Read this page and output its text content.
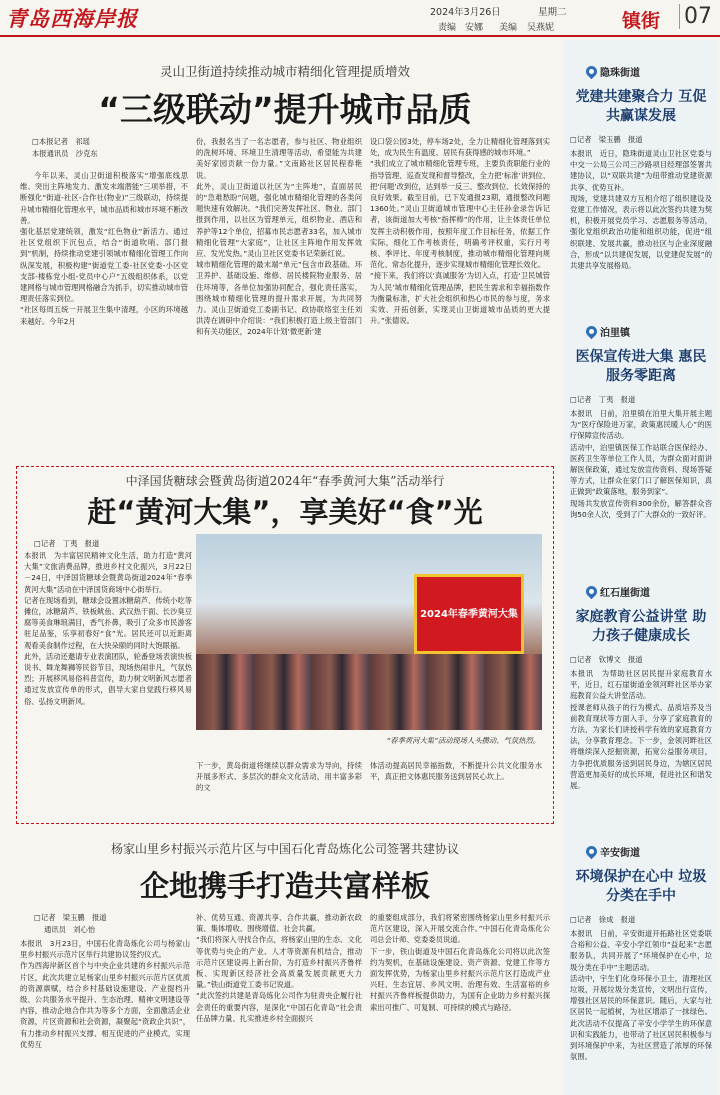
青岛西海岸报	2024年3月26日	星期二
责编 安娜 美编 吴燕妮	镇街 07
灵山卫街道持续推动城市精细化管理提质增效
“三级联动”提升城市品质
□本报记者　祁瑶
本报通讯员　沙克东
今年以来，灵山卫街道积极落实“增强底线思维、突出主阵地发力、激发末端潜能”三项举措，不断强化“街道-社区-合作社(物业)”三级联动，持续提升城市精细化管理水平，城市品质和城市环境不断改善。
强化基层党建统领，激发“红色物业”新活力。通过社区党组织下沉包点，结合“街道吹哨、部门报到”机制，持续推动党建引领城市精细化管理工作向纵深发展，积极构建“街道党工委-社区党委-小区党支部-楼栋党小组-党员中心户”五级组织体系，以党建网格与城市管理网格融合为抓手，切实推动城市管理责任落实到位。
“社区每周五统一开展卫生集中清理，小区的环境越来越好。今年2月
份，我报名当了一名志愿者，参与社区、物业组织的洗树环境、环境卫生清理等活动，希望能为共建美好家园贡献一份力量。”文南路社区居民程春艳说。
此外，灵山卫街道以社区为“主阵地”，直面居民的“急难愁盼”问题，强化城市精细化管理的各类问题快速有效解决。“我们完善发挥社区、物业、部门报到作用，以社区为管理单元，组织物业、酒店和养护等12个单位，招募市民志愿者33名，加入城市精细化管理“大家庭”，让社区主阵地作用发挥效应、发光发热。”灵山卫社区党委书记荣新红说。
城市精细化管理的最末端“单元”包含市政基础、环卫养护、基础设施、维修、居民楼院物业服务、居住环境等，各单位加强协同配合，强化责任落实，围绕城市精细化管理的提升需求开展，为共同努力。灵山卫街道党工委副书记、政协联络室主任刘洪涛在调研中介绍说：“我们积极打造上级主管部门和有关功能区，2024年计划‘微更新’建
设口袋公园3处，停车场2处，全力让精细化管理落到实处，成为民生有温度、居民有获得感的城市环境。”
“我们成立了城市精细化管理专班，主要负责职能行业的指导管理、巡查发现和督导整改，全力把‘标准’讲到位、把‘问题’改到位，达到举一反三、整改到位、长效保持的良好效果。截至目前，已下发通报23期，通报整改问题1360处。”灵山卫街道城市管理中心主任孙金录告诉记者，该街道加大考核“指挥棒”的作用，让主体责任单位发挥主动积极作用，按照年度工作目标任务，依据工作实际，细化工作考核责任，明确考评权重，实行月考核、季评比、年度考核制度，推动城市精细化管理向规范化、常态化提升，逐步实现城市精细化管理长效化。
“接下来，我们将以‘真诚服务’为切入点，打造‘卫民城管为人民’城市精细化管理品牌，把民生需求和幸福指数作为衡量标准，扩大社会组织和热心市民的参与度，务求实效、开拓创新，实现灵山卫街道城市品质的更大提升。”张德说。
中泽国货糖球会暨黄岛街道2024年“春季黄河大集”活动举行
赶“黄河大集”，享美好“食”光
□记者　丁夷　报道
本报讯　为丰富居民精神文化生活，助力打造“黄河大集”文旅消费品牌，推进乡村文化振兴，3月22日－24日，中泽国货糖球会暨黄岛街道2024年“春季黄河大集”活动在中泽国货商场中心街举行。
记者在现场看到，糖球会设置冰糖葫芦、传统小吃等摊位，冰糖葫芦、铁板鱿鱼、武汉热干面、长沙臭豆腐等美食琳琅满目，香气扑鼻，吸引了众多市民游客驻足品鉴，乐享初春好“食”光。居民还可以近距离观看美食制作过程，在大快朵颐的同时大饱眼福。
此外，活动还邀请专业表演团队，轮番登场表演快板说书、舞龙舞狮等民俗节目，现场热闹非凡，气氛热烈；开展移风易俗科普宣传，助力树文明新风志愿者通过发放宣传单的形式，倡导大家自觉践行移风易俗、弘扬文明新风。
2024年春季黄河大集
“春季黄河大集”活动现场人头攒动、气氛热烈。
下一步，黄岛街道将继续以群众需求为导向，持续开展多形式、多层次的群众文化活动，用丰富多彩的文
体活动提高居民幸福指数，不断提升公共文化服务水平，真正把文体惠民服务送到居民心坎上。
杨家山里乡村振兴示范片区与中国石化青岛炼化公司签署共建协议
企地携手打造共富样板
□记者　梁玉鹏　报道
通讯员　刘心怡
本报讯　3月23日，中国石化青岛炼化公司与杨家山里乡村振兴示范片区举行共建协议签约仪式。
作为西海岸新区首个与中央企业共建的乡村振兴示范片区，此次共建立足杨家山里乡村振兴示范片区优质的资源禀赋，结合乡村基础设施建设、产业提档升级、公共服务水平提升、生态治理、精神文明建设等内容，推动企地合作共为等多个方面，全面激活企业资源，片区资源和社会资源，凝聚起“资政企共识”，有力推动乡村振兴支撑、相互促进的产业模式，实现优势互
补、优势互通、资源共享、合作共赢，推动新农政策、集体增收、围绕增值、社会共赢。
“我们将深入寻找合作点，将杨家山里的生态、文化等优势与央企的产业、人才等资源有机结合，推动示范片区建设再上新台阶，为打造乡村振兴齐鲁样板、实现新区经济社会高质量发展贡献更大力量。”铁山街道党工委书记说道。
“此次签约共建是青岛炼化公司作为驻青央企履行社会责任的重要内容，是深化“中国石化青岛”社会责任品牌力量、扎实推进乡村全面振兴
的重要组成部分，我们将紧密围绕杨家山里乡村振兴示范片区建设，深入开展交流合作。”中国石化青岛炼化公司总会计师、党委委员说道。
下一步，铁山街道及中国石化青岛炼化公司将以此次签约为契机，在基础设施建设、资产资源、党建工作等方面发挥优势，为杨家山里乡村振兴示范片区打造成产业兴旺、生态宜居、乡风文明、治理有效、生活富裕的乡村振兴齐鲁样板提供助力，为国有企业助力乡村振兴探索出可推广、可复制、可持续的模式与路径。
隐珠街道
党建共建聚合力 互促共赢谋发展
□记者　梁玉鹏　报道
本报讯　近日，隐珠街道灵山卫社区党委与中交一公局三公司三沙路项目经理部签署共建协议，以“双联共建”为纽带推动党建资源共享、优势互补。
现场，党建共建双方互相介绍了组织建设及党建工作情况，表示将以此次签约共建为契机，积极开展党员学习、志愿服务等活动，强化党组织政治功能和组织功能，促进“组织联建、发展共赢，推动社区与企业深度融合，形成“以共建促发展，以党建促发展”的共建共享发展格局。
泊里镇
医保宣传进大集 惠民服务零距离
□记者　丁夷　报道
本报讯　日前，泊里镇在泊里大集开展主题为“医疗保险进万家，政策惠民暖人心”的医疗保障宣传活动。
活动中，泊里镇医保工作站联合医保经办、医药卫生等单位工作人员，为群众面对面讲解医保政策，通过发放宣传资料、现场答疑等方式，让群众在家门口了解医保知识，真正做到“政策落地，服务到家”。
现场共发放宣传资料300余份，解答群众咨询50余人次，受到了广大群众的一致好评。
红石崖街道
家庭教育公益讲堂 助力孩子健康成长
□记者　钦博文　报道
本报讯　为帮助社区居民提升家庭教育水平，近日，红石崖街道金领河畔社区举办家庭教育公益大讲堂活动。
授课老师从孩子的行为模式、品质培养及当前教育现状等方面入手，分享了家庭教育的方法，为家长们讲授科学有效的家庭教育方法，分享教育理念。下一步，金领河畔社区将继续深入挖掘资源，拓宽公益服务项目，力争把优质服务送到居民身边，为辖区居民营造更加美好的成长环境，促进社区和谐发展。
辛安街道
环境保护在心中 垃圾分类在手中
□记者　徐成　报道
本报讯　日前，辛安街道开拓路社区党委联合裕和公益、辛安小学红领巾“益起来”志愿服务队，共同开展了“环境保护在心中，垃圾分类在手中”主题活动。
活动中，宇生们化身环保小卫士，清理社区垃圾，开展垃圾分类宣传，文明出行宣传，增强社区居民的环保意识。随后，大家与社区居民一起植树，为社区增添了一抹绿色。此次活动不仅提高了辛安小学学生的环保意识和实践能力，也带动了社区居民积极参与到环境保护中来，为社区营造了浓厚的环保氛围。
